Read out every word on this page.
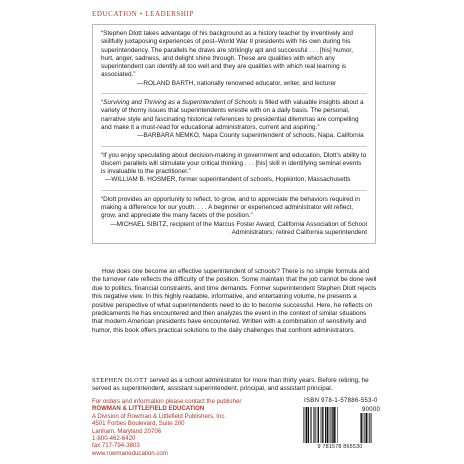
EDUCATION • LEADERSHIP

“Stephen Dlott takes advantage of his background as a history teacher by inventively and skillfully juxtaposing experiences of post–World War II presidents with his own during his superintendency. The parallels he draws are strikingly apt and successful . . . [his] humor, hurt, anger, sadness, and delight shine through. These are qualities with which any superintendent can identify all too well and they are qualities with which real learning is associated.”
—ROLAND BARTH, nationally renowned educator, writer, and lecturer

“Surviving and Thriving as a Superintendent of Schools is filled with valuable insights about a variety of thorny issues that superintendents wrestle with on a daily basis. The personal, narrative style and fascinating historical references to presidential dilemmas are compelling and make it a must-read for educational administrators, current and aspiring.”
—BARBARA NEMKO, Napa County superintendent of schools, Napa, California

“If you enjoy speculating about decision-making in government and education, Dlott’s ability to discern parallels will stimulate your critical thinking . . . [his] skill in identifying seminal events is invaluable to the practitioner.”
—WILLIAM B. HOSMER, former superintendent of schools, Hopkinton, Massachusetts

“Dlott provides an opportunity to reflect, to grow, and to appreciate the behaviors required in making a difference for our youth. . . . A beginner or experienced administrator will reflect, grow, and appreciate the many facets of the position.”
—MICHAEL SIBITZ, recipient of the Marcus Foster Award, California Association of School Administrators; retired California superintendent

How does one become an effective superintendent of schools? There is no simple formula and the turnover rate reflects the difficulty of the position. Some maintain that the job cannot be done well due to politics, financial constraints, and time demands. Former superintendent Stephen Dlott rejects this negative view. In this highly readable, informative, and entertaining volume, he presents a positive perspective of what superintendents need to do to become successful. Here, he reflects on predicaments he has encountered and then analyzes the event in the context of similar situations that modern American presidents have encountered. Written with a combination of sensitivity and humor, this book offers practical solutions to the daily challenges that confront administrators.
STEPHEN DLOTT served as a school administrator for more than thirty years. Before retiring, he served as superintendent, assistant superintendent, principal, and assistant principal.
For orders and information please contact the publisher
ROWMAN & LITTLEFIELD EDUCATION
A Division of Rowman & Littlefield Publishers, Inc.
4501 Forbes Boulevard, Suite 200
Lanham, Maryland 20706
1-800-462-6420
fax 717-794-3803
www.rowmaneducation.com
ISBN 978-1-57886-553-0
90000
9 781578 865530
